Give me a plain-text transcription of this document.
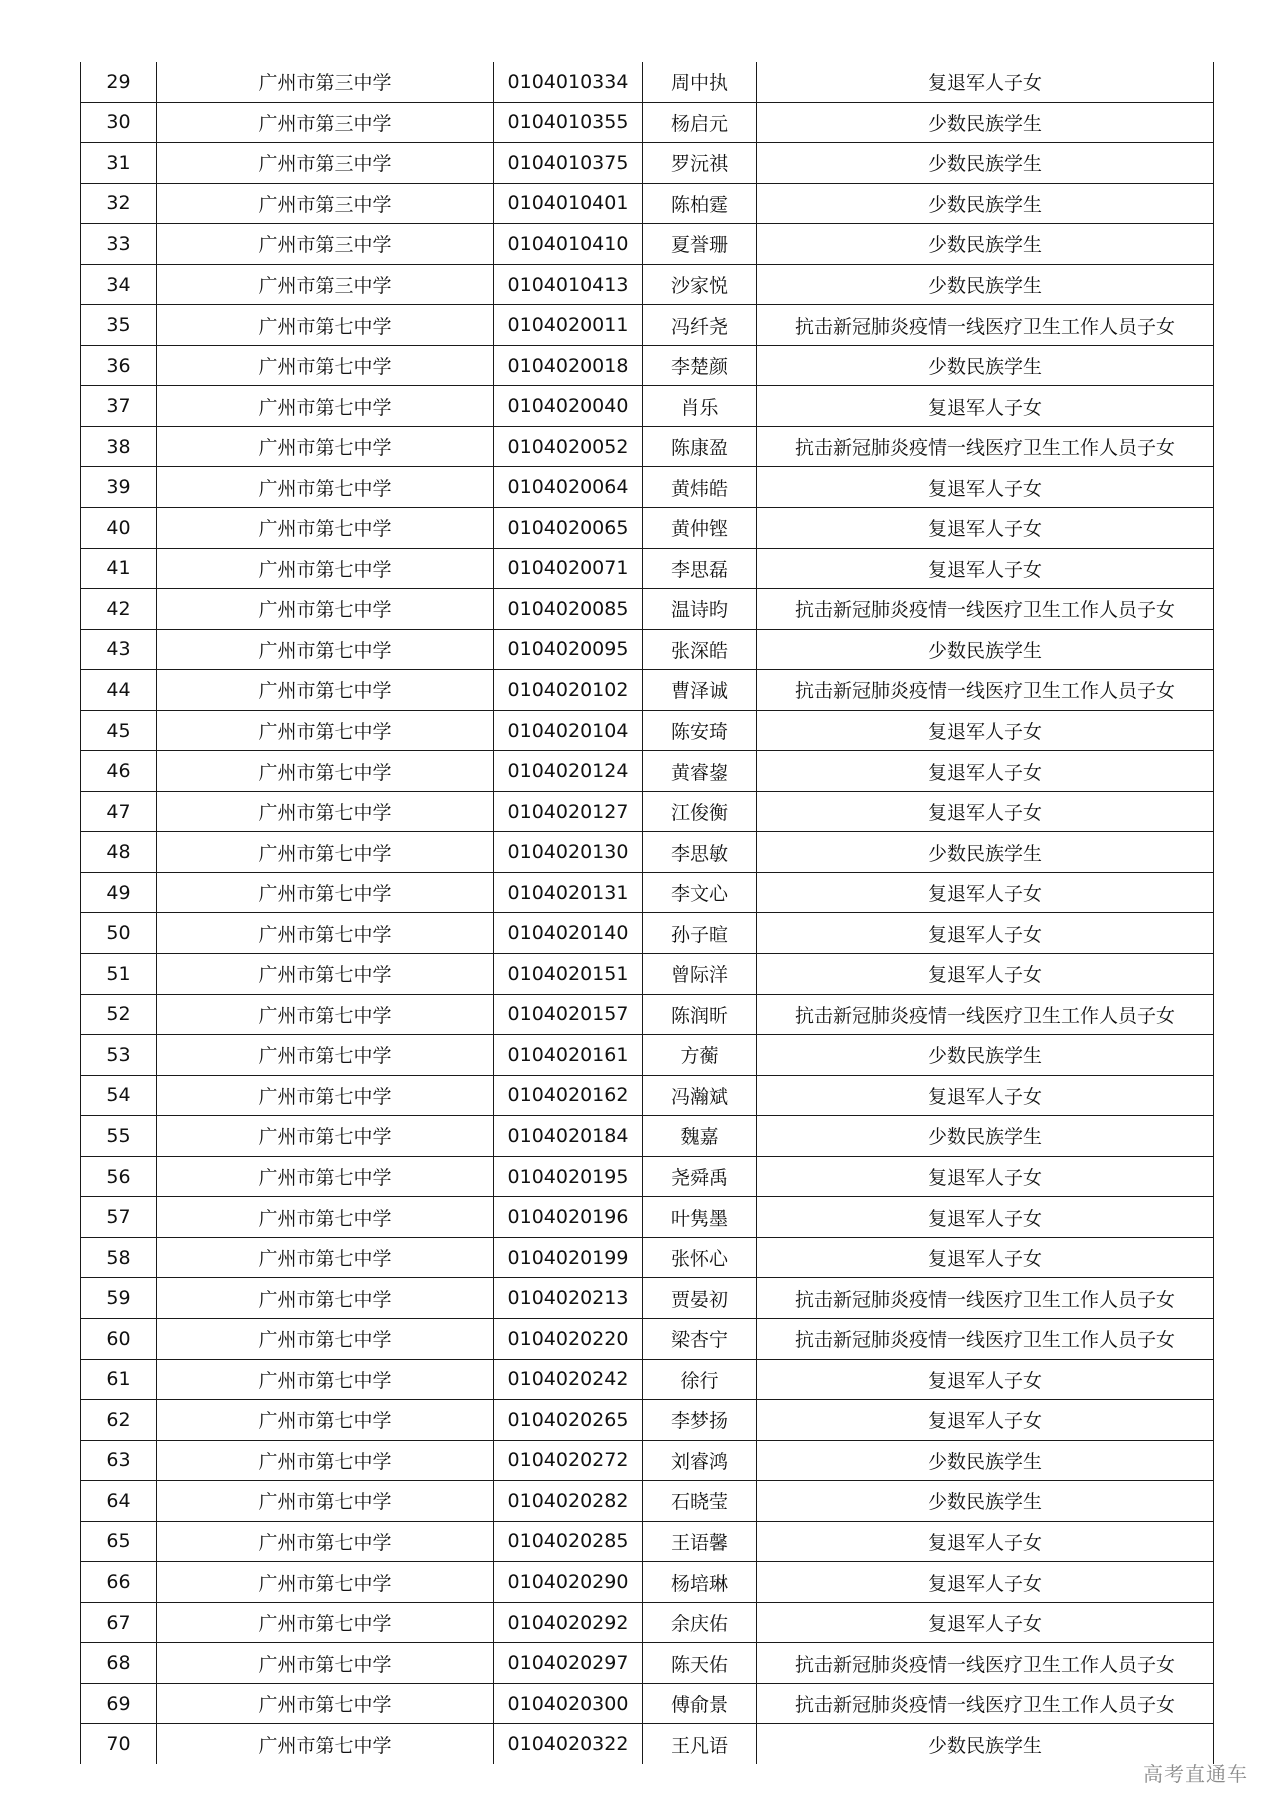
29	广州市第三中学	0104010334	周中执	复退军人子女
30	广州市第三中学	0104010355	杨启元	少数民族学生
31	广州市第三中学	0104010375	罗沅祺	少数民族学生
32	广州市第三中学	0104010401	陈柏霆	少数民族学生
33	广州市第三中学	0104010410	夏誉珊	少数民族学生
34	广州市第三中学	0104010413	沙家悦	少数民族学生
35	广州市第七中学	0104020011	冯纤尧	抗击新冠肺炎疫情一线医疗卫生工作人员子女
36	广州市第七中学	0104020018	李楚颜	少数民族学生
37	广州市第七中学	0104020040	肖乐	复退军人子女
38	广州市第七中学	0104020052	陈康盈	抗击新冠肺炎疫情一线医疗卫生工作人员子女
39	广州市第七中学	0104020064	黄炜皓	复退军人子女
40	广州市第七中学	0104020065	黄仲铿	复退军人子女
41	广州市第七中学	0104020071	李思磊	复退军人子女
42	广州市第七中学	0104020085	温诗昀	抗击新冠肺炎疫情一线医疗卫生工作人员子女
43	广州市第七中学	0104020095	张深皓	少数民族学生
44	广州市第七中学	0104020102	曹泽诚	抗击新冠肺炎疫情一线医疗卫生工作人员子女
45	广州市第七中学	0104020104	陈安琦	复退军人子女
46	广州市第七中学	0104020124	黄睿鋆	复退军人子女
47	广州市第七中学	0104020127	江俊衡	复退军人子女
48	广州市第七中学	0104020130	李思敏	少数民族学生
49	广州市第七中学	0104020131	李文心	复退军人子女
50	广州市第七中学	0104020140	孙子暄	复退军人子女
51	广州市第七中学	0104020151	曾际洋	复退军人子女
52	广州市第七中学	0104020157	陈润昕	抗击新冠肺炎疫情一线医疗卫生工作人员子女
53	广州市第七中学	0104020161	方蘅	少数民族学生
54	广州市第七中学	0104020162	冯瀚斌	复退军人子女
55	广州市第七中学	0104020184	魏嘉	少数民族学生
56	广州市第七中学	0104020195	尧舜禹	复退军人子女
57	广州市第七中学	0104020196	叶隽墨	复退军人子女
58	广州市第七中学	0104020199	张怀心	复退军人子女
59	广州市第七中学	0104020213	贾晏初	抗击新冠肺炎疫情一线医疗卫生工作人员子女
60	广州市第七中学	0104020220	梁杏宁	抗击新冠肺炎疫情一线医疗卫生工作人员子女
61	广州市第七中学	0104020242	徐行	复退军人子女
62	广州市第七中学	0104020265	李梦扬	复退军人子女
63	广州市第七中学	0104020272	刘睿鸿	少数民族学生
64	广州市第七中学	0104020282	石晓莹	少数民族学生
65	广州市第七中学	0104020285	王语馨	复退军人子女
66	广州市第七中学	0104020290	杨培琳	复退军人子女
67	广州市第七中学	0104020292	余庆佑	复退军人子女
68	广州市第七中学	0104020297	陈天佑	抗击新冠肺炎疫情一线医疗卫生工作人员子女
69	广州市第七中学	0104020300	傅俞景	抗击新冠肺炎疫情一线医疗卫生工作人员子女
70	广州市第七中学	0104020322	王凡语	少数民族学生
高考直通车
